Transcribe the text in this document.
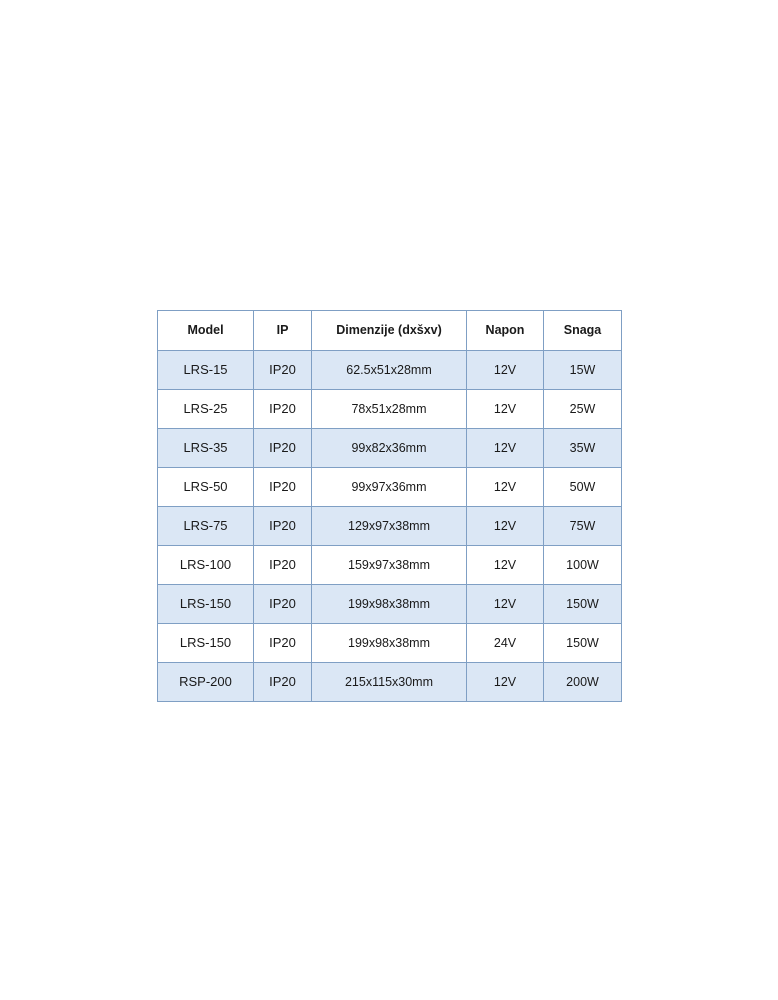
Model	IP	Dimenzije (dxšxv)	Napon	Snaga
LRS-15	IP20	62.5x51x28mm	12V	15W
LRS-25	IP20	78x51x28mm	12V	25W
LRS-35	IP20	99x82x36mm	12V	35W
LRS-50	IP20	99x97x36mm	12V	50W
LRS-75	IP20	129x97x38mm	12V	75W
LRS-100	IP20	159x97x38mm	12V	100W
LRS-150	IP20	199x98x38mm	12V	150W
LRS-150	IP20	199x98x38mm	24V	150W
RSP-200	IP20	215x115x30mm	12V	200W
